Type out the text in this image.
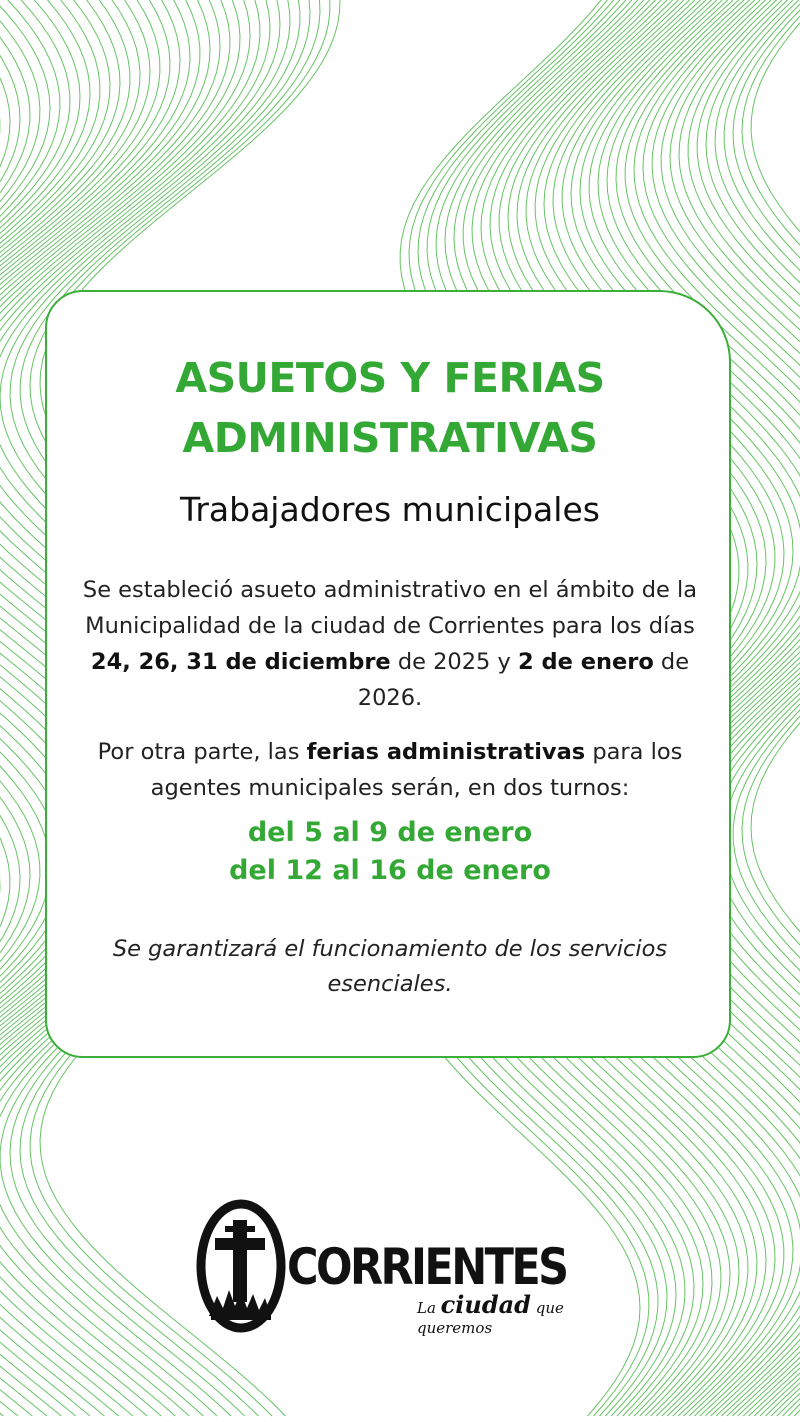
ASUETOS Y FERIAS

ADMINISTRATIVAS

Trabajadores municipales

Se estableció asueto administrativo en el ámbito de la Municipalidad de la ciudad de Corrientes para los días 24, 26, 31 de diciembre de 2025 y 2 de enero de 2026.

Por otra parte, las ferias administrativas para los agentes municipales serán, en dos turnos:

del 5 al 9 de enero

del 12 al 16 de enero

Se garantizará el funcionamiento de los servicios esenciales.

CORRIENTES
La ciudad que queremos
